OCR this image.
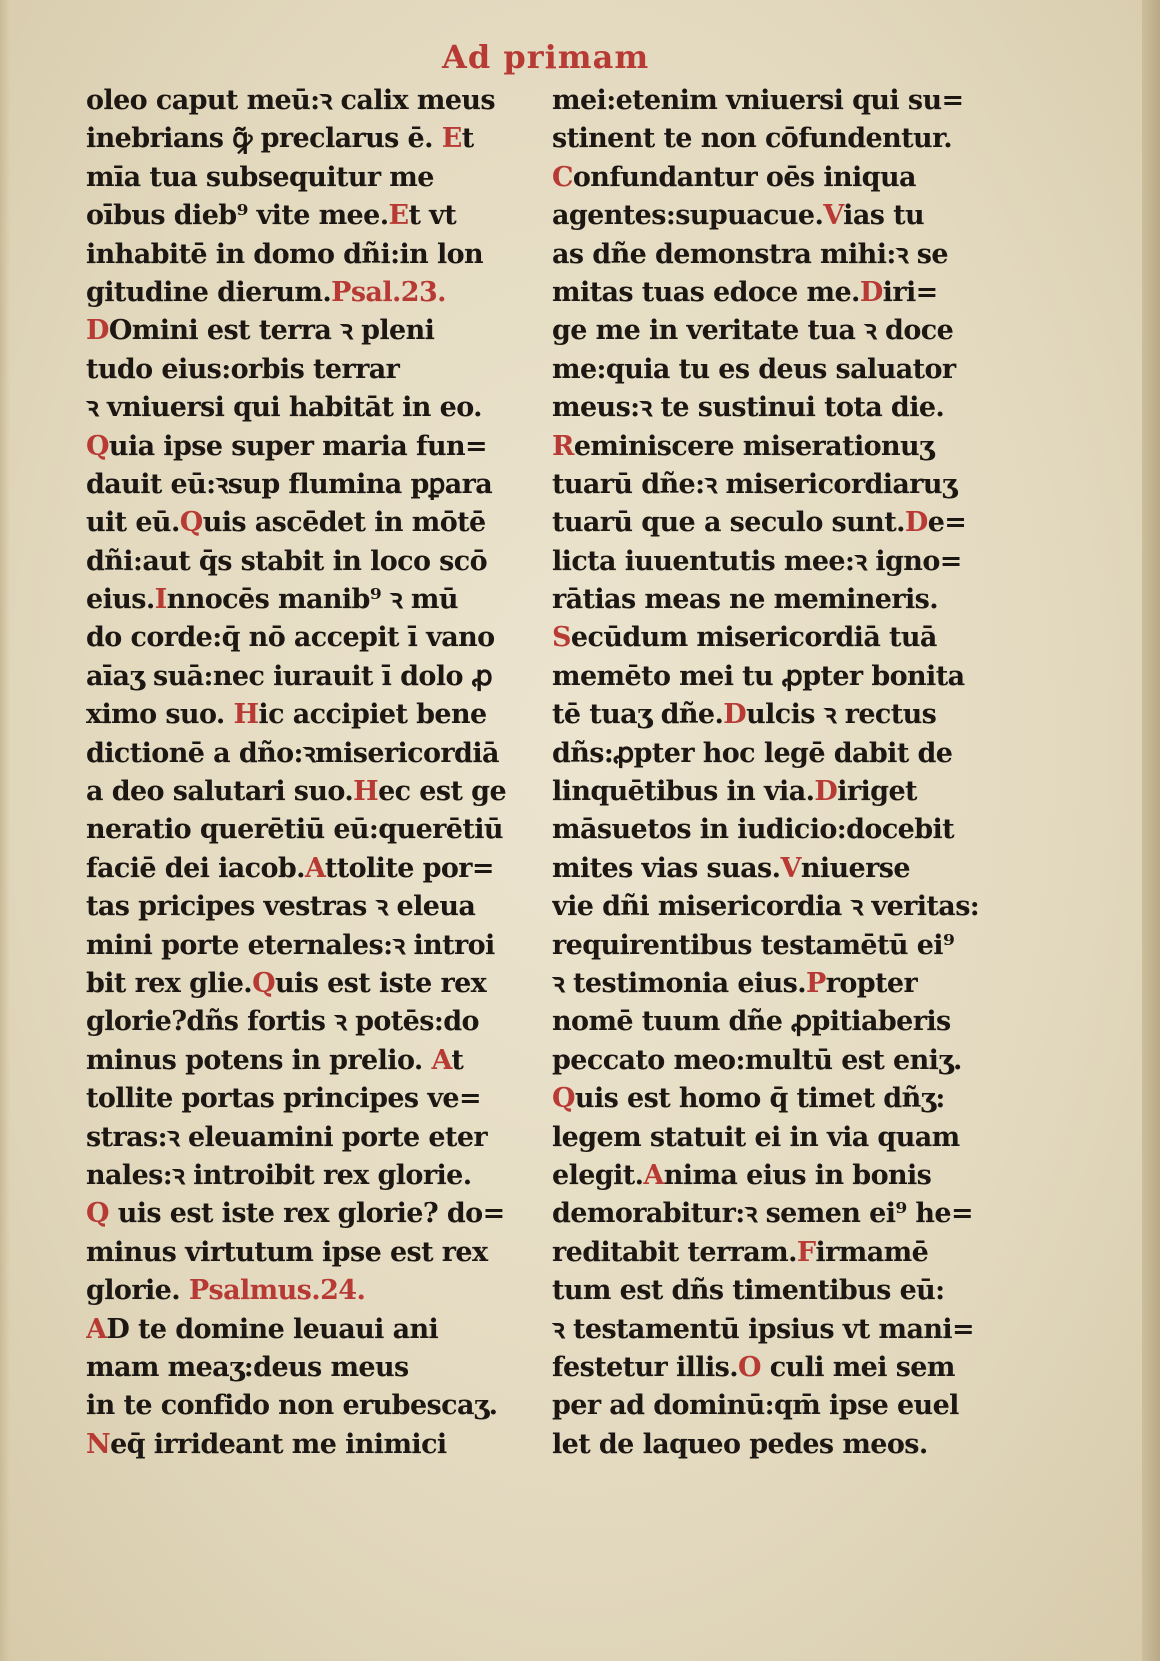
Ad primam
oleo caput meū:ꝛ calix meus
inebrians ꝙ̃ preclarus ē. Et
mīa tua subsequitur me
oībus dieb⁹ vite mee.Et vt
inhabitē in domo dñi:in lon
gitudine dierum.Psal.23.
DOmini est terra ꝛ pleni
tudo eius:orbis terrar
ꝛ vniuersi qui habitāt in eo.
Quia ipse super maria fun=
dauit eū:ꝛsup flumina pꝑara
uit eū.Quis ascēdet in mōtē
dñi:aut q̄s stabit in loco scō
eius.Innocēs manib⁹ ꝛ mū
do corde:q̄ nō accepit ī vano
aīaʒ suā:nec iurauit ī dolo ꝓ
ximo suo. Hic accipiet bene
dictionē a dño:ꝛmisericordiā
a deo salutari suo.Hec est ge
neratio querētiū eū:querētiū
faciē dei iacob.Attolite por=
tas pricipes vestras ꝛ eleua
mini porte eternales:ꝛ introi
bit rex glie.Quis est iste rex
glorie?dñs fortis ꝛ potēs:do
minus potens in prelio. At
tollite portas principes ve=
stras:ꝛ eleuamini porte eter
nales:ꝛ introibit rex glorie.
Q uis est iste rex glorie? do=
minus virtutum ipse est rex
glorie. Psalmus.24.
AD te domine leuaui ani
mam meaʒ:deus meus
in te confido non erubescaʒ.
Neq̄ irrideant me inimici
mei:etenim vniuersi qui su=
stinent te non cōfundentur.
Confundantur oēs iniqua
agentes:supuacue.Vias tu
as dñe demonstra mihi:ꝛ se
mitas tuas edoce me.Diri=
ge me in veritate tua ꝛ doce
me:quia tu es deus saluator
meus:ꝛ te sustinui tota die.
Reminiscere miserationuʒ
tuarū dñe:ꝛ misericordiaruʒ
tuarū que a seculo sunt.De=
licta iuuentutis mee:ꝛ igno=
rātias meas ne memineris.
Secūdum misericordiā tuā
memēto mei tu ꝓpter bonita
tē tuaʒ dñe.Dulcis ꝛ rectus
dñs:ꝓpter hoc legē dabit de
linquētibus in via.Diriget
māsuetos in iudicio:docebit
mites vias suas.Vniuerse
vie dñi misericordia ꝛ veritas:
requirentibus testamētū ei⁹
ꝛ testimonia eius.Propter
nomē tuum dñe ꝓpitiaberis
peccato meo:multū est eniʒ.
Quis est homo q̄ timet dñʒ:
legem statuit ei in via quam
elegit.Anima eius in bonis
demorabitur:ꝛ semen ei⁹ he=
reditabit terram.Firmamē
tum est dñs timentibus eū:
ꝛ testamentū ipsius vt mani=
festetur illis.O culi mei sem
per ad dominū:qm̄ ipse euel
let de laqueo pedes meos.
